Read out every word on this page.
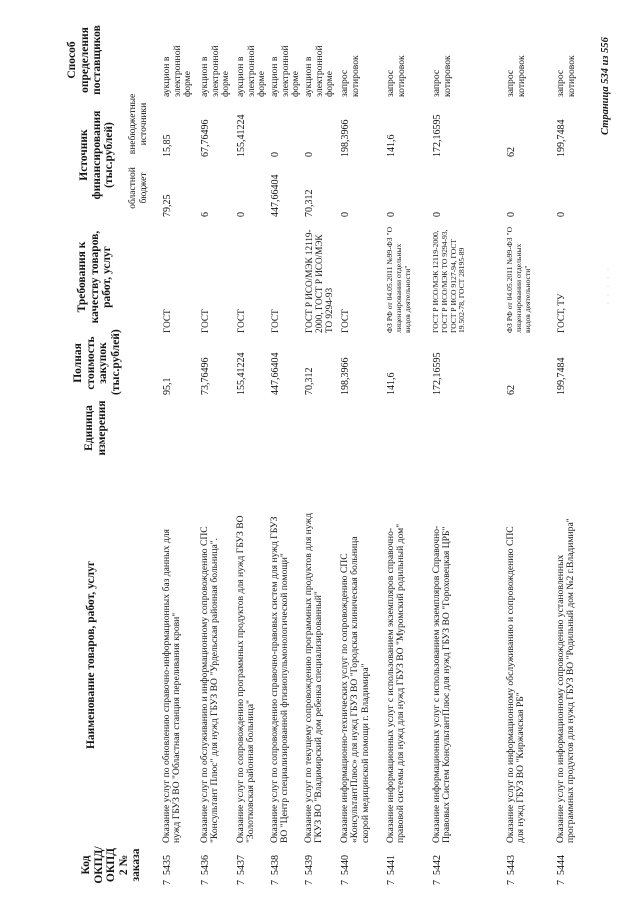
Код ОКПД/ ОКПД 2 № заказа
Наименование товаров, работ, услуг
Единица измерения
Полная стоимость закупок (тыс.рублей)
Требования к качеству товаров, работ, услуг
Источник финансирования (тыс.рублей)
областной бюджет
внебюджетные источники
Способ определения поставщиков
7  5435
Оказание услуг по обновлению справочно-информационных баз данных для нужд ГБУЗ ВО "Областная станция переливания крови"
95,1
ГОСТ
79,25
15,85
аукцион в электронной форме
7  5436
Оказание услуг по обслуживанию и информационному сопровождению СПС "Консультант Плюс" для нужд ГБУЗ ВО "Урдельская районная больница".
73,76496
ГОСТ
6
67,76496
аукцион в электронной форме
7  5437
Оказание услуг по сопровождению программных продуктов для нужд ГБУЗ ВО "Золотковская районная больница"
155,41224
ГОСТ
0
155,41224
аукцион в электронной форме
7  5438
Оказание услуг по сопровождению справочно-правовых систем для нужд ГБУЗ ВО "Центр специализированной фтизиопульмонологической помощи"
447,66404
ГОСТ
447,66404
0
аукцион в электронной форме
7  5439
Оказание услуг по текущему сопровождению программных продуктов для нужд ГКУЗ ВО "Владимирский дом ребенка специализированный"
70,312
ГОСТ Р ИСО/МЭК 12119-2000, ГОСТ Р ИСО/МЭК ТО 9294-93
70,312
0
аукцион в электронной форме
7  5440
Оказание информационно-технических услуг по сопровождению СПС «КонсультантПлюс» для нужд ГБУЗ ВО "Городская клиническая больница скорой медицинской помощи г. Владимира"
198,3966
ГОСТ
0
198,3966
запрос котировок
7  5441
Оказание информационных услуг с использованием экземпляров справочно-правовой системы для нужд для нужд ГБУЗ ВО "Муромский родильный дом"
141,6
ФЗ РФ от 04.05.2011 №99-ФЗ "О лицензировании отдельных видов деятельности"
0
141,6
запрос котировок
7  5442
Оказание информационных услуг с использованием экземпляров Справочно-Правовых Систем КонсультантПлюс для нужд ГБУЗ ВО "Гороховецкая ЦРБ"
172,16595
ГОСТ Р ИСО/МЭК 12119-2000, ГОСТ Р ИСО/МЭК ТО 9294-93, ГОСТ Р ИСО 9127-94, ГОСТ 19.502-78, ГОСТ 28195-89
0
172,16595
запрос котировок
7  5443
Оказание услуг по информационному обслуживанию и сопровождению СПС для нужд ГБУЗ ВО "Киржачская РБ"
62
ФЗ РФ от 04.05.2011 №99-ФЗ "О лицензировании отдельных видов деятельности"
0
62
запрос котировок
7  5444
Оказание услуг по информационному сопровождению установленных программных продуктов для нужд ГБУЗ ВО "Родильный дом №2 г.Владимира"
199,7484
ГОСТ, ТУ
0
199,7484
запрос котировок
· · · · ·
Страница 534 из 556
